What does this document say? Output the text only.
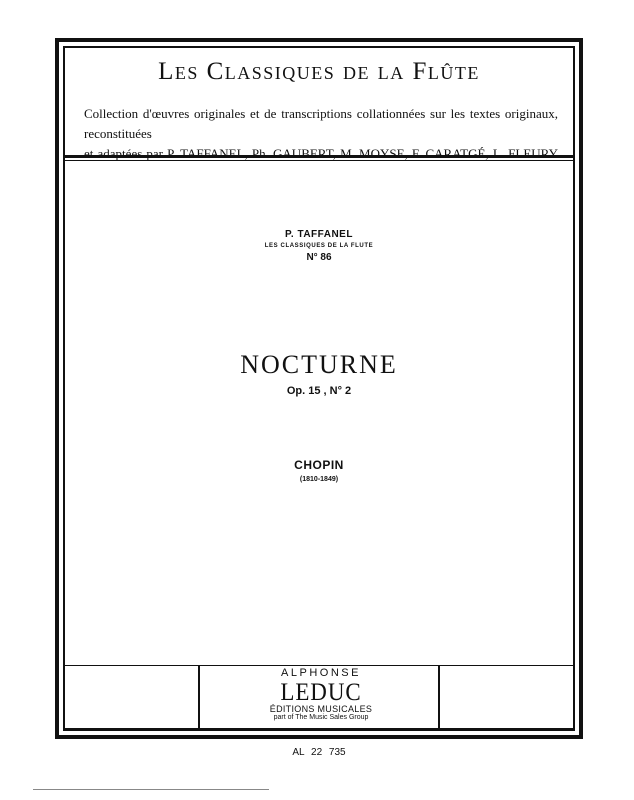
Les Classiques de la Flûte
Collection d'œuvres originales et de transcriptions collationnées sur les textes originaux, reconstituées
et adaptées par P. TAFFANEL, Ph. GAUBERT, M. MOYSE, F. CARATGÉ, L. FLEURY
P. TAFFANEL
LES CLASSIQUES DE LA FLUTE
N° 86
NOCTURNE
Op. 15 , N° 2
CHOPIN
(1810-1849)
ALPHONSE
LEDUC
ÉDITIONS MUSICALES
part of The Music Sales Group
AL 22 735
